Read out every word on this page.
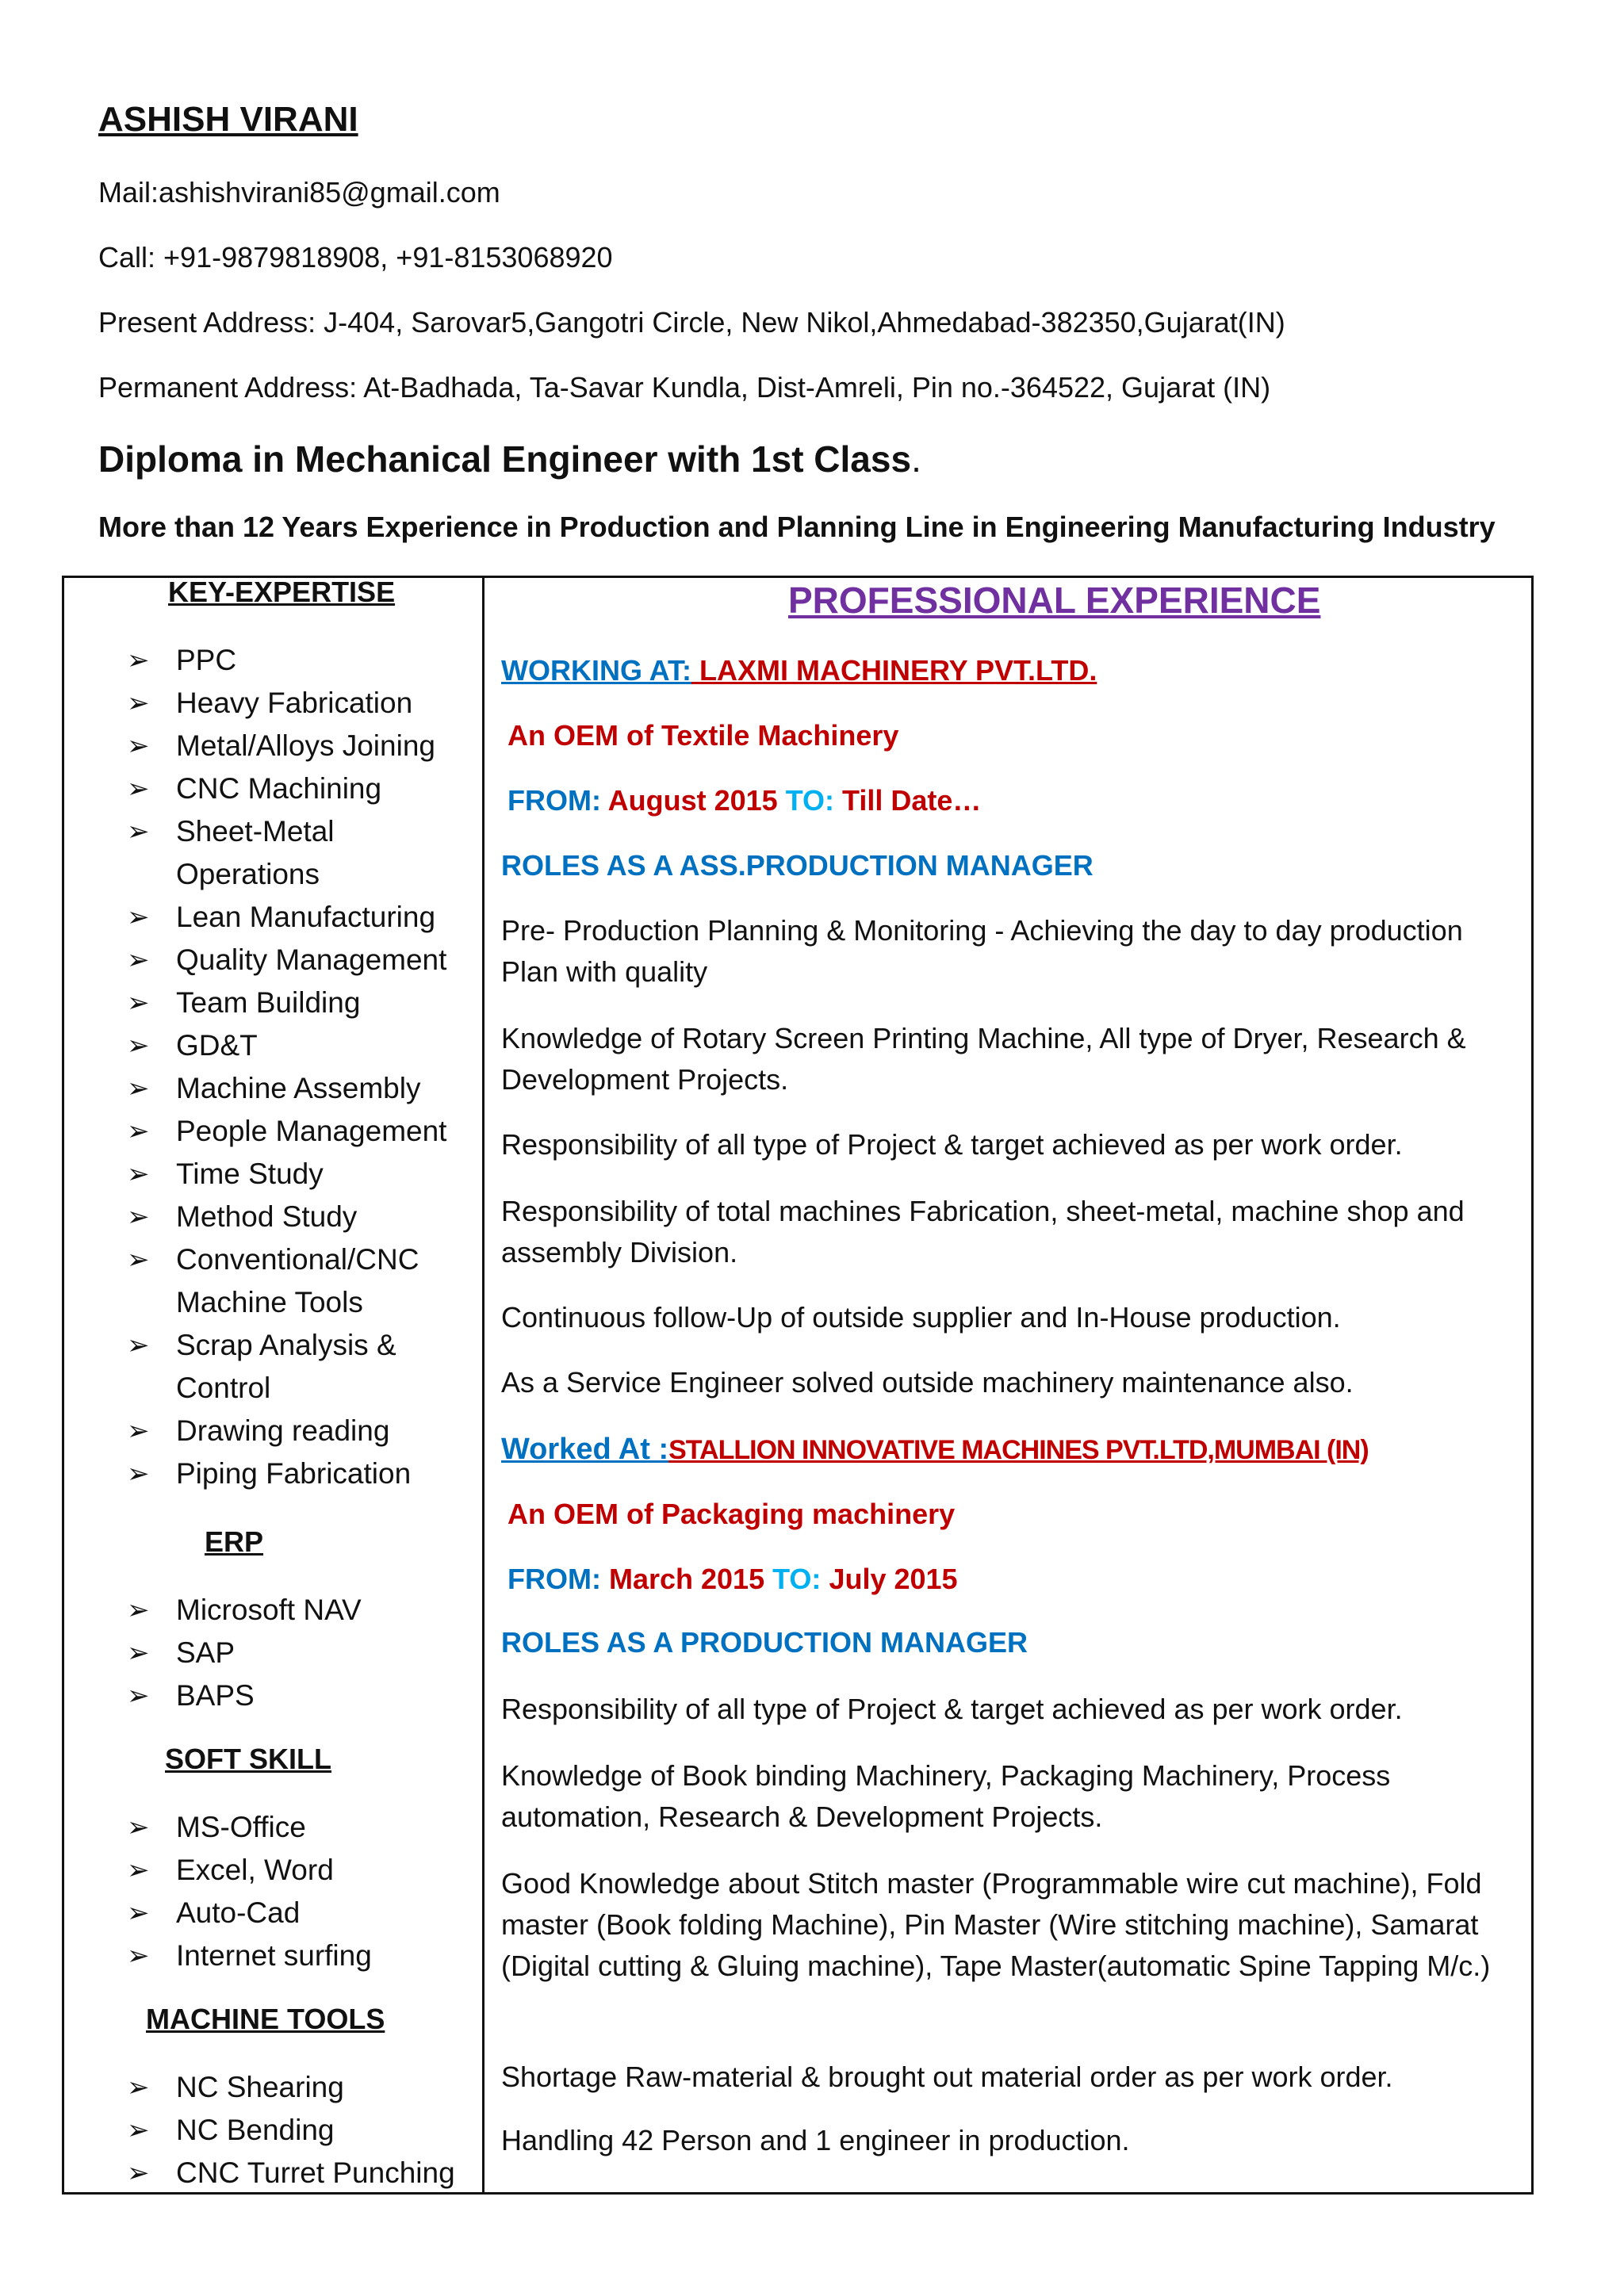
ASHISH VIRANI
Mail:ashishvirani85@gmail.com
Call: +91-9879818908, +91-8153068920
Present Address: J-404, Sarovar5,Gangotri Circle, New Nikol,Ahmedabad-382350,Gujarat(IN)
Permanent Address: At-Badhada, Ta-Savar Kundla, Dist-Amreli, Pin no.-364522, Gujarat (IN)
Diploma in Mechanical Engineer with 1st Class.
More than 12 Years Experience in Production and Planning Line in Engineering Manufacturing Industry
KEY-EXPERTISE
➢ PPC
➢ Heavy Fabrication
➢ Metal/Alloys Joining
➢ CNC Machining
➢ Sheet-Metal Operations
➢ Lean Manufacturing
➢ Quality Management
➢ Team Building
➢ GD&T
➢ Machine Assembly
➢ People Management
➢ Time Study
➢ Method Study
➢ Conventional/CNC Machine Tools
➢ Scrap Analysis & Control
➢ Drawing reading
➢ Piping Fabrication
ERP
➢ Microsoft NAV
➢ SAP
➢ BAPS
SOFT SKILL
➢ MS-Office
➢ Excel, Word
➢ Auto-Cad
➢ Internet surfing
MACHINE TOOLS
➢ NC Shearing
➢ NC Bending
➢ CNC Turret Punching
PROFESSIONAL EXPERIENCE
WORKING AT: LAXMI MACHINERY PVT.LTD.
An OEM of Textile Machinery
FROM: August 2015 TO: Till Date…
ROLES AS A ASS.PRODUCTION MANAGER
Pre- Production Planning & Monitoring - Achieving the day to day production Plan with quality
Knowledge of Rotary Screen Printing Machine, All type of Dryer, Research & Development Projects.
Responsibility of all type of Project & target achieved as per work order.
Responsibility of total machines Fabrication, sheet-metal, machine shop and assembly Division.
Continuous follow-Up of outside supplier and In-House production.
As a Service Engineer solved outside machinery maintenance also.
Worked At :STALLION INNOVATIVE MACHINES PVT.LTD,MUMBAI (IN)
An OEM of Packaging machinery
FROM: March 2015 TO: July 2015
ROLES AS A PRODUCTION MANAGER
Responsibility of all type of Project & target achieved as per work order.
Knowledge of Book binding Machinery, Packaging Machinery, Process automation, Research & Development Projects.
Good Knowledge about Stitch master (Programmable wire cut machine), Fold master (Book folding Machine), Pin Master (Wire stitching machine), Samarat (Digital cutting & Gluing machine), Tape Master(automatic Spine Tapping M/c.)
Shortage Raw-material & brought out material order as per work order.
Handling 42 Person and 1 engineer in production.
